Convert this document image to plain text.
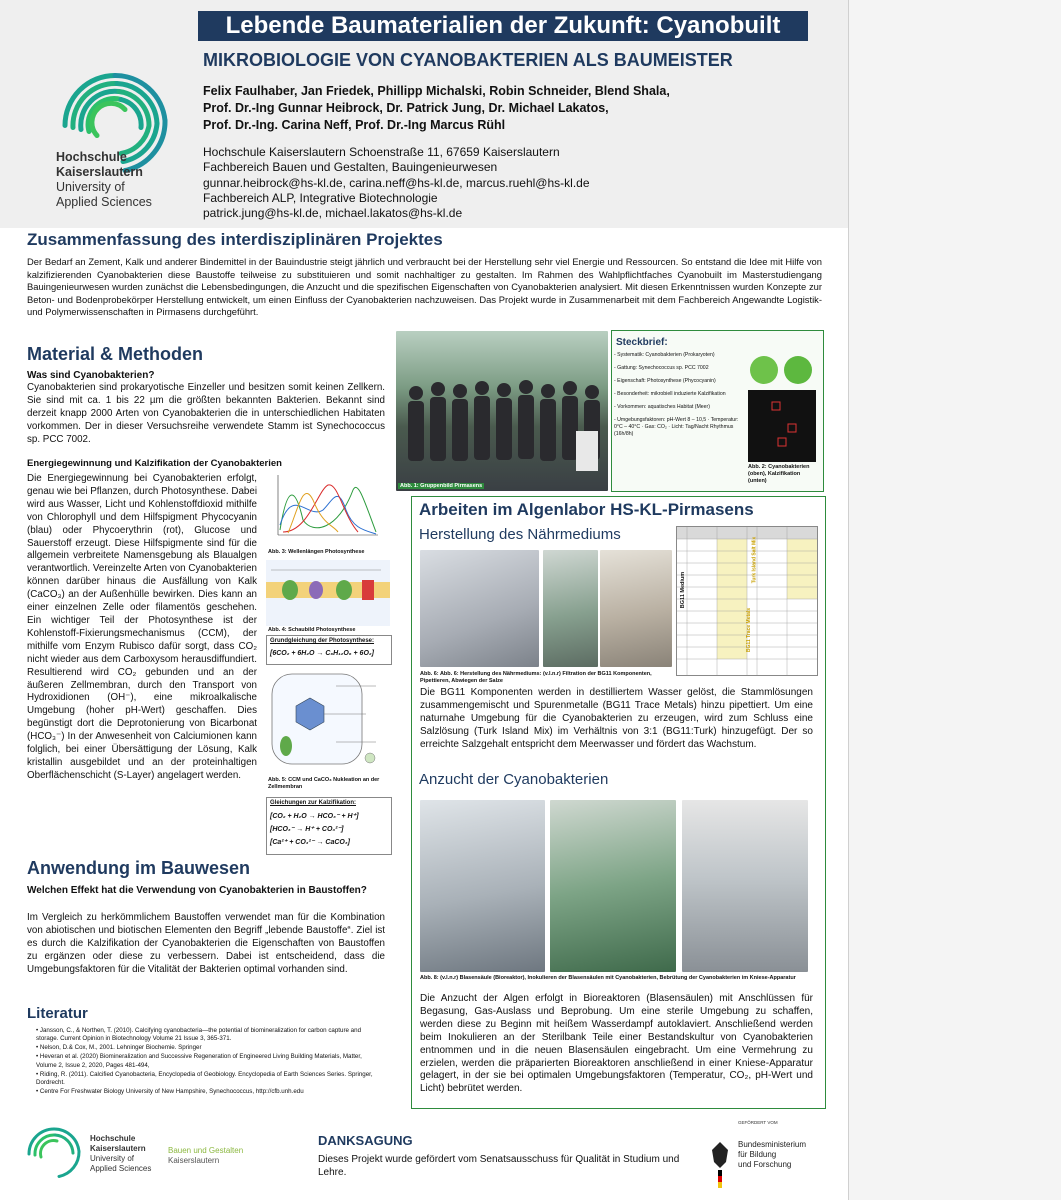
Hochschule
Kaiserslautern
University of
Applied Sciences
Lebende Baumaterialien der Zukunft: Cyanobuilt
MIKROBIOLOGIE VON CYANOBAKTERIEN ALS BAUMEISTER
Felix Faulhaber, Jan Friedek, Phillipp Michalski, Robin Schneider, Blend Shala,
Prof. Dr.-Ing Gunnar Heibrock, Dr. Patrick Jung, Dr. Michael Lakatos,
Prof. Dr.-Ing. Carina Neff, Prof. Dr.-Ing Marcus Rühl
Hochschule Kaiserslautern Schoenstraße 11, 67659 Kaiserslautern
Fachbereich Bauen und Gestalten, Bauingenieurwesen
gunnar.heibrock@hs-kl.de, carina.neff@hs-kl.de, marcus.ruehl@hs-kl.de
Fachbereich ALP, Integrative Biotechnologie
patrick.jung@hs-kl.de, michael.lakatos@hs-kl.de
Zusammenfassung des interdisziplinären Projektes
Der Bedarf an Zement, Kalk und anderer Bindemittel in der Bauindustrie steigt jährlich und verbraucht bei der Herstellung sehr viel Energie und Ressourcen. So entstand die Idee mit Hilfe von kalzifizierenden Cyanobakterien diese Baustoffe teilweise zu substituieren und somit nachhaltiger zu gestalten. Im Rahmen des Wahlpflichtfaches Cyanobuilt im Masterstudiengang Bauingenieurwesen wurden zunächst die Lebensbedingungen, die Anzucht und die spezifischen Eigenschaften von Cyanobakterien analysiert. Mit diesen Erkenntnissen wurden Konzepte zur Beton- und Bodenprobekörper Herstellung entwickelt, um einen Einfluss der Cyanobakterien nachzuweisen. Das Projekt wurde in Zusammenarbeit mit dem Fachbereich Angewandte Logistik- und Polymerwissenschaften in Pirmasens durchgeführt.
Material & Methoden
Was sind Cyanobakterien?
Cyanobakterien sind prokaryotische Einzeller und besitzen somit keinen Zellkern. Sie sind mit ca. 1 bis 22 µm die größten bekannten Bakterien. Bekannt sind derzeit knapp 2000 Arten von Cyanobakterien die in unterschiedlichen Habitaten vorkommen. Der in dieser Versuchsreihe verwendete Stamm ist Synechococcus sp. PCC 7002.
Energiegewinnung und Kalzifikation der Cyanobakterien
Die Energiegewinnung bei Cyanobakterien erfolgt, genau wie bei Pflanzen, durch Photosynthese. Dabei wird aus Wasser, Licht und Kohlenstoffdioxid mithilfe von Chlorophyll und dem Hilfspigment Phycocyanin (blau) oder Phycoerythrin (rot), Glucose und Sauerstoff erzeugt. Diese Hilfspigmente sind für die allgemein verbreitete Namensgebung als Blaualgen verantwortlich. Vereinzelte Arten von Cyanobakterien können darüber hinaus die Ausfällung von Kalk (CaCO₃) an der Außenhülle bewirken. Dies kann an einer einzelnen Zelle oder filamentös geschehen. Ein wichtiger Teil der Photosynthese ist der Kohlenstoff-Fixierungsmechanismus (CCM), der mithilfe vom Enzym Rubisco dafür sorgt, dass CO₂ nicht wieder aus dem Carboxysom herausdiffundiert. Resultierend wird CO₂ gebunden und an der äußeren Zellmembran, durch den Transport von Hydroxidionen (OH⁻), eine mikroalkalische Umgebung (hoher pH-Wert) geschaffen. Dies begünstigt dort die Deprotonierung von Bicarbonat (HCO₃⁻) In der Anwesenheit von Calciumionen kann folglich, bei einer Übersättigung der Lösung, Kalk kristallin ausgebildet und an der proteinhaltigen Oberflächenschicht (S-Layer) angelagert werden.
Abb. 3: Wellenlängen Photosynthese
Abb. 4: Schaubild Photosynthese
Grundgleichung der Photosynthese:
[6CO₂ + 6H₂O → C₆H₁₂O₆ + 6O₂]
Abb. 5: CCM und CaCO₃ Nukleation an der Zellmembran
Gleichungen zur Kalzifikation:
[CO₂ + H₂O → HCO₃⁻ + H⁺]
[HCO₃⁻ → H⁺ + CO₃²⁻]
[Ca²⁺ + CO₃²⁻ → CaCO₃]
Anwendung im Bauwesen
Welchen Effekt hat die Verwendung von Cyanobakterien in Baustoffen?
Im Vergleich zu herkömmlichem Baustoffen verwendet man für die Kombination von abiotischen und biotischen Elementen den Begriff „lebende Baustoffe“. Ziel ist es durch die Kalzifikation der Cyanobakterien die Eigenschaften von Baustoffen zu ergänzen oder diese zu verbessern. Dabei ist entscheidend, dass die Umgebungsfaktoren für die Vitalität der Bakterien optimal vorhanden sind.
Literatur
• Jansson, C., & Northen, T. (2010). Calcifying cyanobacteria—the potential of biomineralization for carbon capture and storage. Current Opinion in Biotechnology Volume 21 Issue 3, 365-371.
• Nelson, D.& Cox, M., 2001. Lehninger Biochemie. Springer
• Heveran et al. (2020) Biomineralization and Successive Regeneration of Engineered Living Building Materials, Matter, Volume 2, Issue 2, 2020, Pages 481-494,
• Riding, R. (2011). Calcified Cyanobacteria, Encyclopedia of Geobiology. Encyclopedia of Earth Sciences Series. Springer, Dordrecht.
• Centre For Freshwater Biology University of New Hampshire, Synechococcus, http://cfb.unh.edu
Abb. 1: Gruppenbild Pirmasens
Steckbrief:
- Systematik: Cyanobakterien (Prokaryoten)
- Gattung: Synechococcus sp. PCC 7002
- Eigenschaft: Photosynthese (Phycocyanin)
- Besonderheit: mikrobiell induzierte Kalzifikation
- Vorkommen: aquatisches Habitat (Meer)
- Umgebungsfaktoren: pH-Wert 8 – 10,5 · Temperatur: 0°C – 40°C · Gas: CO₂ · Licht: Tag/Nacht Rhythmus (16h/8h)
Abb. 2: Cyanobakterien (oben), Kalzifikation (unten)
Arbeiten im Algenlabor HS-KL-Pirmasens
Herstellung des Nährmediums
BG11 Medium
Turk Island Salt Mix
BG11 Trace Metals
Abb. 6: Abb. 6: Herstellung des Nährmediums: (v.l.n.r) Filtration der BG11 Komponenten, Pipettieren, Abwiegen der Salze
Die BG11 Komponenten werden in destilliertem Wasser gelöst, die Stammlösungen zusammengemischt und Spurenmetalle (BG11 Trace Metals) hinzu pipettiert. Um eine naturnahe Umgebung für die Cyanobakterien zu erzeugen, wird zum Schluss eine Salzlösung (Turk Island Mix) im Verhältnis von 3:1 (BG11:Turk) hinzugefügt. Der so erreichte Salzgehalt entspricht dem Meerwasser und fördert das Wachstum.
Anzucht der Cyanobakterien
Abb. 8: (v.l.n.r) Blasensäule (Bioreaktor), Inokulieren der Blasensäulen mit Cyanobakterien, Bebrütung der Cyanobakterien im Kniese-Apparatur
Die Anzucht der Algen erfolgt in Bioreaktoren (Blasensäulen) mit Anschlüssen für Begasung, Gas-Auslass und Beprobung. Um eine sterile Umgebung zu schaffen, werden diese zu Beginn mit heißem Wasserdampf autoklaviert. Anschließend werden beim Inokulieren an der Sterilbank Teile einer Bestandskultur von Cyanobakterien entnommen und in die neuen Blasensäulen eingebracht. Um eine Vermehrung zu erzielen, werden die präparierten Bioreaktoren anschließend in einer Kniese-Apparatur gelagert, in der sie bei optimalen Umgebungsfaktoren (Temperatur, CO₂, pH-Wert und Licht) bebrütet werden.
Hochschule
Kaiserslautern
University of
Applied Sciences
Bauen und Gestalten
Kaiserslautern
DANKSAGUNG
Dieses Projekt wurde gefördert vom Senatsausschuss für Qualität in Studium und Lehre.
GEFÖRDERT VOM
Bundesministerium
für Bildung
und Forschung
